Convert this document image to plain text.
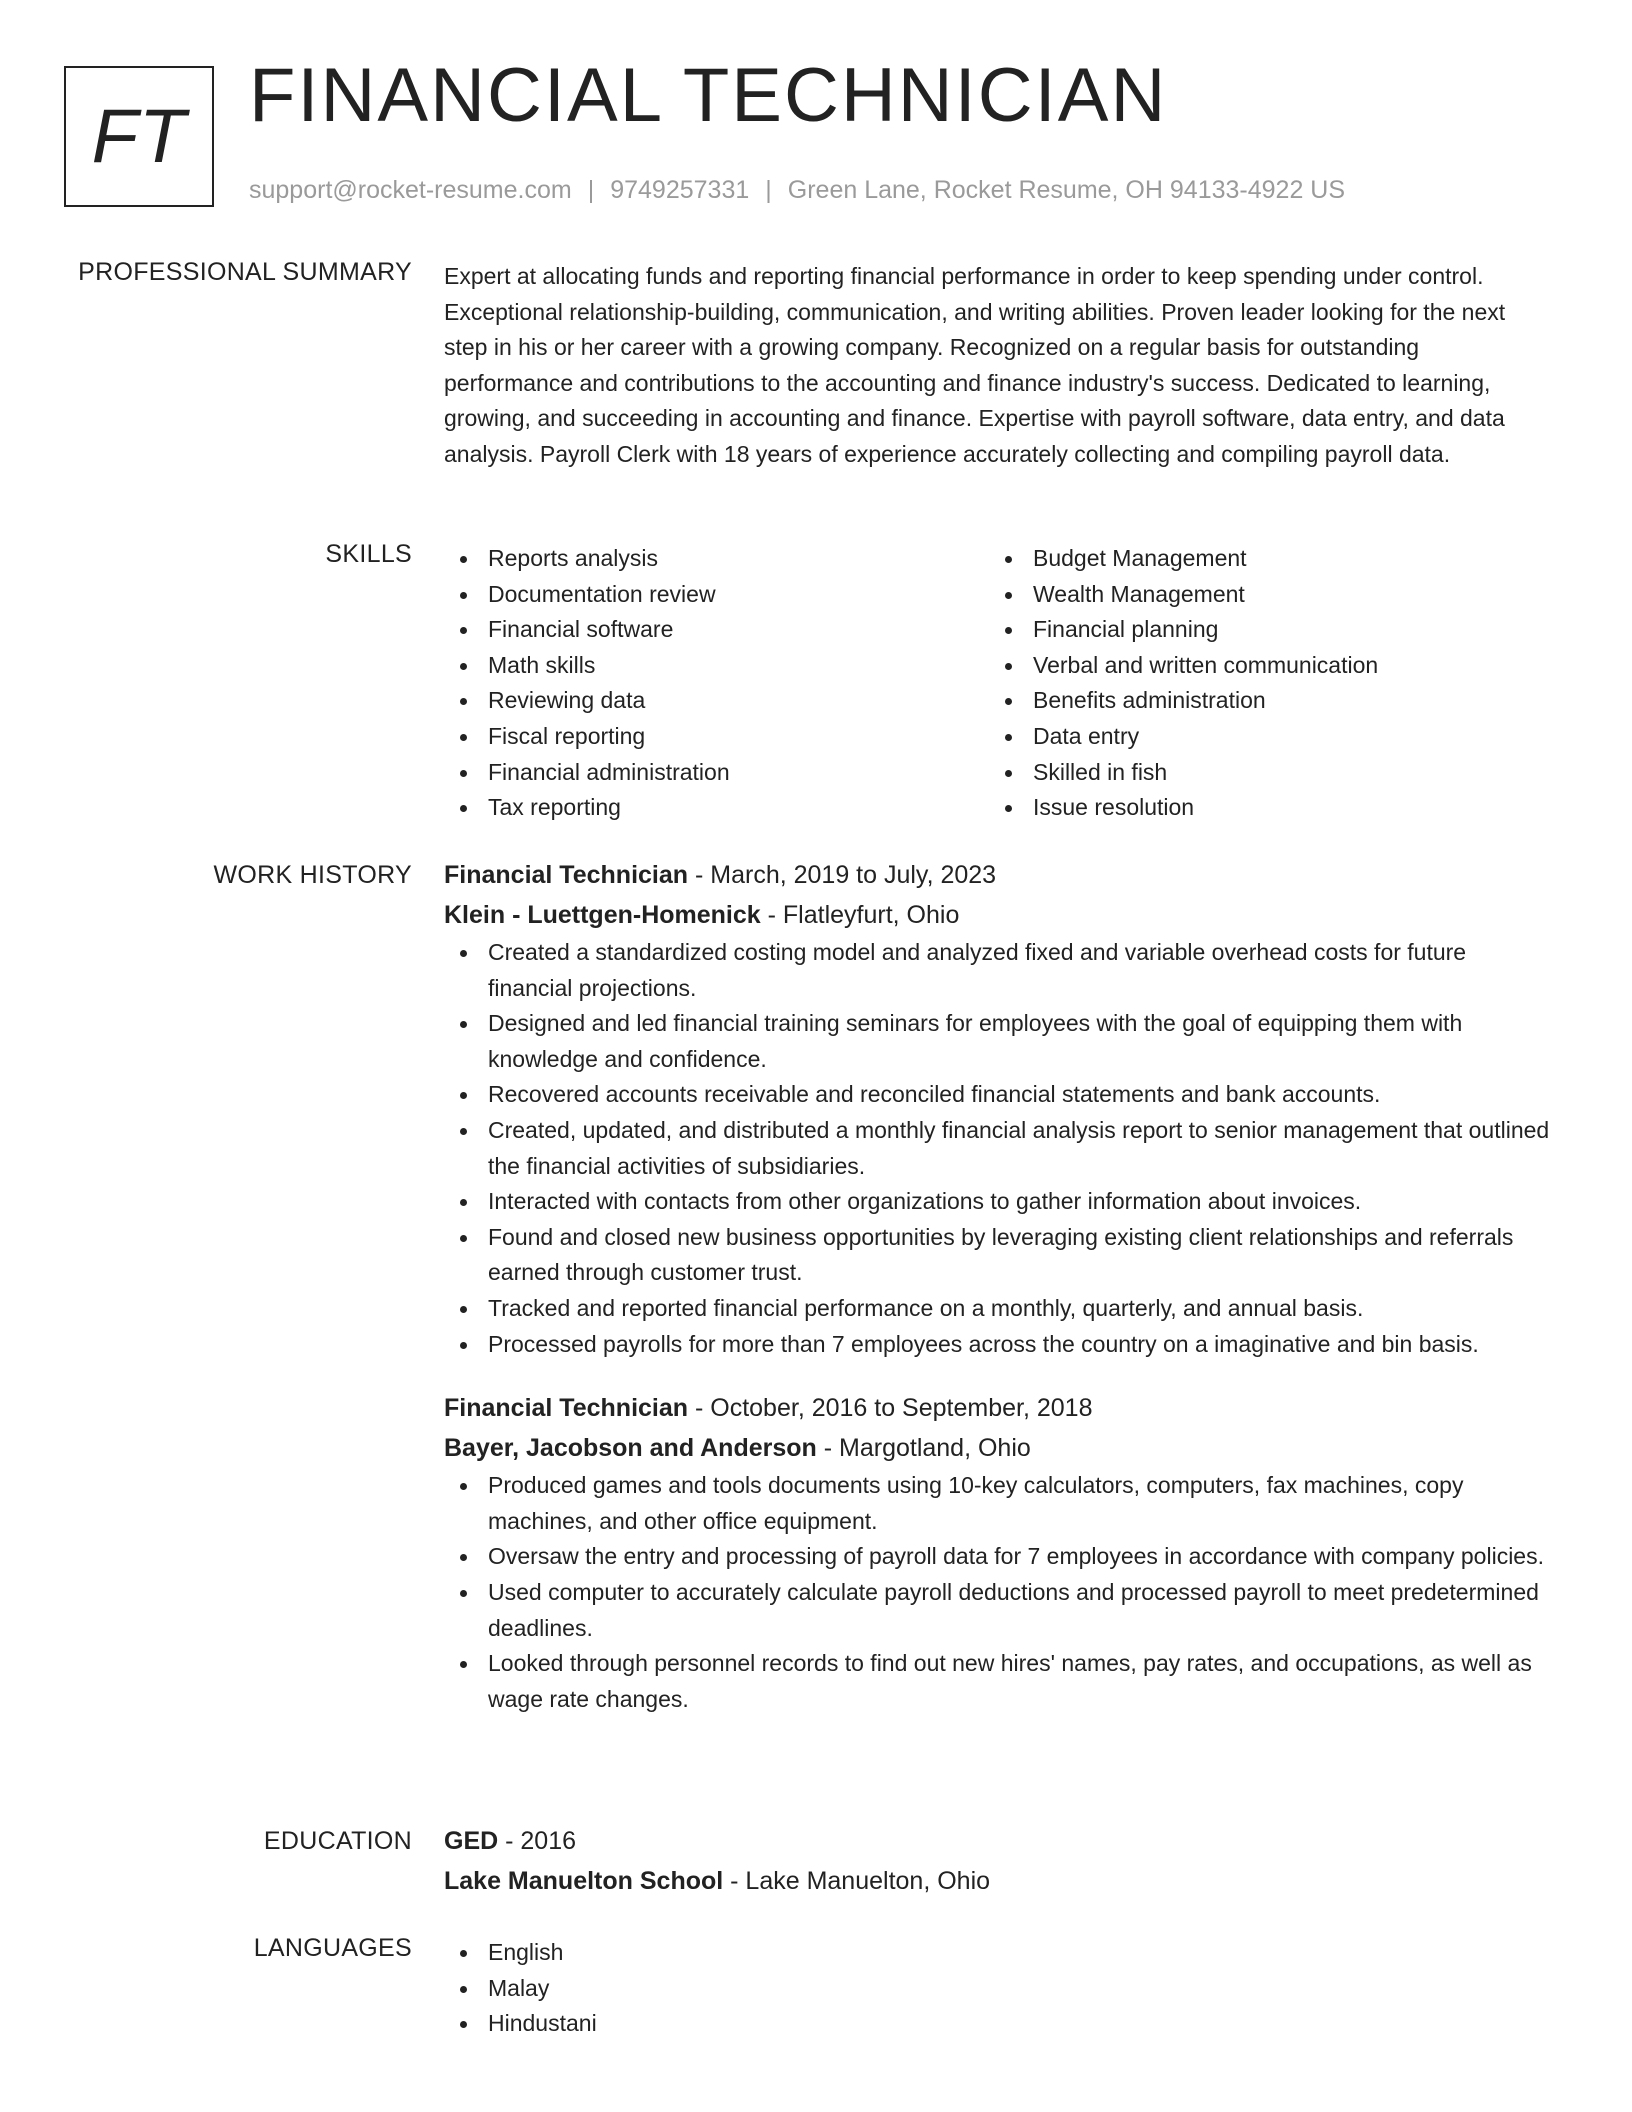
FT FINANCIAL TECHNICIAN
support@rocket-resume.com | 9749257331 | Green Lane, Rocket Resume, OH 94133-4922 US
PROFESSIONAL SUMMARY Expert at allocating funds and reporting financial performance in order to keep spending under control. Exceptional relationship-building, communication, and writing abilities. Proven leader looking for the next step in his or her career with a growing company. Recognized on a regular basis for outstanding performance and contributions to the accounting and finance industry's success. Dedicated to learning, growing, and succeeding in accounting and finance. Expertise with payroll software, data entry, and data analysis. Payroll Clerk with 18 years of experience accurately collecting and compiling payroll data.

SKILLS	Reports analysis
Documentation review
Financial software
Math skills
Reviewing data
Fiscal reporting
Financial administration
Tax reporting
Budget Management
Wealth Management
Financial planning
Verbal and written communication
Benefits administration
Data entry
Skilled in fish
Issue resolution
WORK HISTORY Financial Technician - March, 2019 to July, 2023
Klein - Luettgen-Homenick - Flatleyfurt, Ohio
Created a standardized costing model and analyzed fixed and variable overhead costs for future financial projections.
Designed and led financial training seminars for employees with the goal of equipping them with knowledge and confidence.
Recovered accounts receivable and reconciled financial statements and bank accounts.
Created, updated, and distributed a monthly financial analysis report to senior management that outlined the financial activities of subsidiaries.
Interacted with contacts from other organizations to gather information about invoices.
Found and closed new business opportunities by leveraging existing client relationships and referrals earned through customer trust.
Tracked and reported financial performance on a monthly, quarterly, and annual basis.
Processed payrolls for more than 7 employees across the country on a imaginative and bin basis.
Financial Technician - October, 2016 to September, 2018
Bayer, Jacobson and Anderson - Margotland, Ohio
Produced games and tools documents using 10-key calculators, computers, fax machines, copy machines, and other office equipment.
Oversaw the entry and processing of payroll data for 7 employees in accordance with company policies.
Used computer to accurately calculate payroll deductions and processed payroll to meet predetermined deadlines.
Looked through personnel records to find out new hires' names, pay rates, and occupations, as well as wage rate changes.
EDUCATION GED - 2016
Lake Manuelton School - Lake Manuelton, Ohio
LANGUAGES	English
Malay
Hindustani
